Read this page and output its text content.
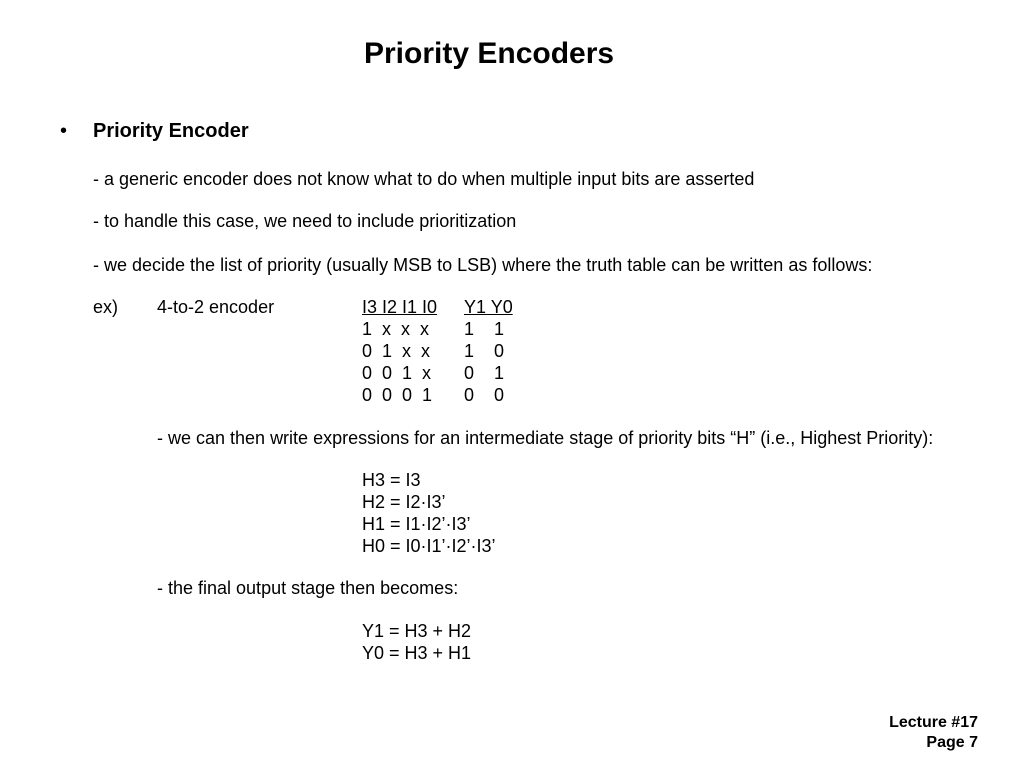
Priority Encoders
• Priority Encoder
- a generic encoder does not know what to do when multiple input bits are asserted
- to handle this case, we need to include prioritization
- we decide the list of priority (usually MSB to LSB) where the truth table can be written as follows:
ex) 4-to-2 encoder	I3 I2 I1 I0 Y1 Y0
1  x  x  x 1    1
0  1  x  x 1    0
0  0  1  x 0    1
0  0  0  1 0    0
- we can then write expressions for an intermediate stage of priority bits “H” (i.e., Highest Priority):
H3 = I3
H2 = I2·I3’
H1 = I1·I2’·I3’
H0 = I0·I1’·I2’·I3’
- the final output stage then becomes:
Y1 = H3 + H2
Y0 = H3 + H1
Lecture #17
Page 7
